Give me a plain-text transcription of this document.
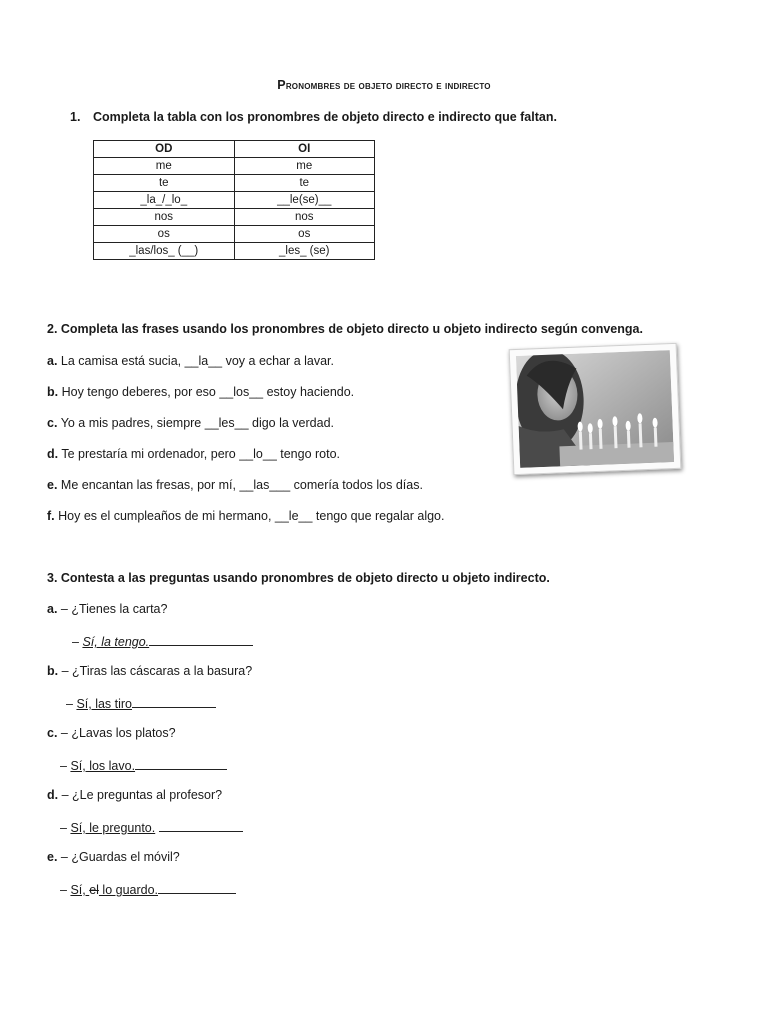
Pronombres de objeto directo e indirecto
1. Completa la tabla con los pronombres de objeto directo e indirecto que faltan.
OD	OI
me	me
te	te
_la_/_lo_	__le(se)__
nos	nos
os	os
_las/los_ (__)	_les_ (se)
2. Completa las frases usando los pronombres de objeto directo u objeto indirecto según convenga.
a. La camisa está sucia, __la__ voy a echar a lavar.
b. Hoy tengo deberes, por eso __los__ estoy haciendo.
c. Yo a mis padres, siempre __les__ digo la verdad.
d. Te prestaría mi ordenador, pero __lo__ tengo roto.
e. Me encantan las fresas, por mí, __las___ comería todos los días.
f. Hoy es el cumpleaños de mi hermano, __le__ tengo que regalar algo.
3. Contesta a las preguntas usando pronombres de objeto directo u objeto indirecto.
a. – ¿Tienes la carta?
– Sí, la tengo.
b. – ¿Tiras las cáscaras a la basura?
– Sí, las tiro
c. – ¿Lavas los platos?
– Sí, los lavo.
d. – ¿Le preguntas al profesor?
– Sí, le pregunto.
e. – ¿Guardas el móvil?
– Sí, el lo guardo.
